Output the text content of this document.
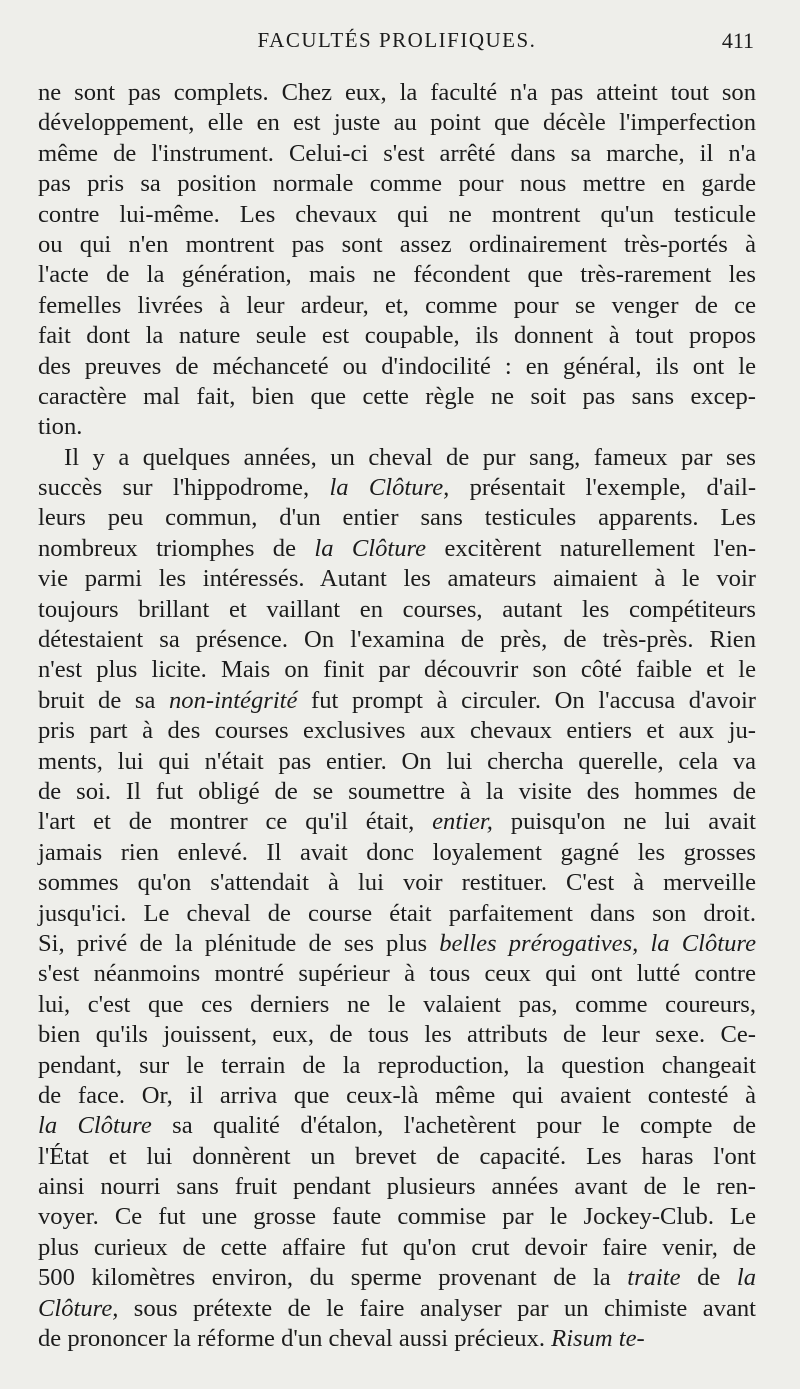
FACULTÉS PROLIFIQUES.	411
ne sont pas complets. Chez eux, la faculté n'a pas atteint tout son
développement, elle en est juste au point que décèle l'imperfection
même de l'instrument. Celui-ci s'est arrêté dans sa marche, il n'a
pas pris sa position normale comme pour nous mettre en garde
contre lui-même. Les chevaux qui ne montrent qu'un testicule
ou qui n'en montrent pas sont assez ordinairement très-portés à
l'acte de la génération, mais ne fécondent que très-rarement les
femelles livrées à leur ardeur, et, comme pour se venger de ce
fait dont la nature seule est coupable, ils donnent à tout propos
des preuves de méchanceté ou d'indocilité : en général, ils ont le
caractère mal fait, bien que cette règle ne soit pas sans excep-
tion.
Il y a quelques années, un cheval de pur sang, fameux par ses
succès sur l'hippodrome, la Clôture, présentait l'exemple, d'ail-
leurs peu commun, d'un entier sans testicules apparents. Les
nombreux triomphes de la Clôture excitèrent naturellement l'en-
vie parmi les intéressés. Autant les amateurs aimaient à le voir
toujours brillant et vaillant en courses, autant les compétiteurs
détestaient sa présence. On l'examina de près, de très-près. Rien
n'est plus licite. Mais on finit par découvrir son côté faible et le
bruit de sa non-intégrité fut prompt à circuler. On l'accusa d'avoir
pris part à des courses exclusives aux chevaux entiers et aux ju-
ments, lui qui n'était pas entier. On lui chercha querelle, cela va
de soi. Il fut obligé de se soumettre à la visite des hommes de
l'art et de montrer ce qu'il était, entier, puisqu'on ne lui avait
jamais rien enlevé. Il avait donc loyalement gagné les grosses
sommes qu'on s'attendait à lui voir restituer. C'est à merveille
jusqu'ici. Le cheval de course était parfaitement dans son droit.
Si, privé de la plénitude de ses plus belles prérogatives, la Clôture
s'est néanmoins montré supérieur à tous ceux qui ont lutté contre
lui, c'est que ces derniers ne le valaient pas, comme coureurs,
bien qu'ils jouissent, eux, de tous les attributs de leur sexe. Ce-
pendant, sur le terrain de la reproduction, la question changeait
de face. Or, il arriva que ceux-là même qui avaient contesté à
la Clôture sa qualité d'étalon, l'achetèrent pour le compte de
l'État et lui donnèrent un brevet de capacité. Les haras l'ont
ainsi nourri sans fruit pendant plusieurs années avant de le ren-
voyer. Ce fut une grosse faute commise par le Jockey-Club. Le
plus curieux de cette affaire fut qu'on crut devoir faire venir, de
500 kilomètres environ, du sperme provenant de la traite de la
Clôture, sous prétexte de le faire analyser par un chimiste avant
de prononcer la réforme d'un cheval aussi précieux. Risum te-
